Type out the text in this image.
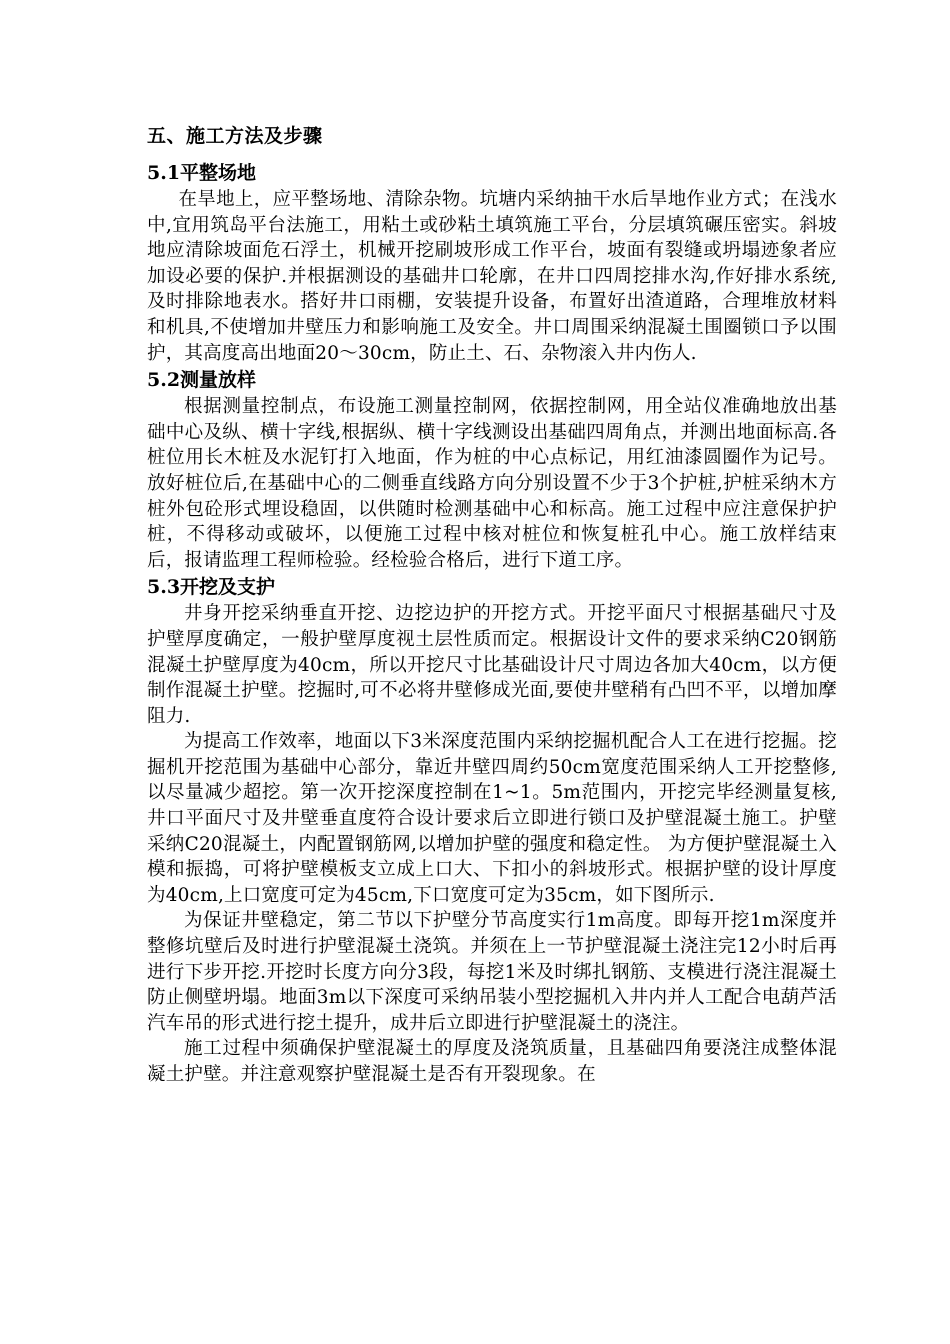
五、施工方法及步骤
5.1平整场地

在旱地上，应平整场地、清除杂物。坑塘内采纳抽干水后旱地作业方式；在浅水中,宜用筑岛平台法施工，用粘土或砂粘土填筑施工平台，分层填筑碾压密实。斜坡地应清除坡面危石浮土，机械开挖刷坡形成工作平台，坡面有裂缝或坍塌迹象者应加设必要的保护.并根据测设的基础井口轮廓，在井口四周挖排水沟,作好排水系统,及时排除地表水。搭好井口雨棚，安装提升设备，布置好出渣道路，合理堆放材料和机具,不使增加井壁压力和影响施工及安全。井口周围采纳混凝土围圈锁口予以围护，其高度高出地面20～30cm，防止土、石、杂物滚入井内伤人.

5.2测量放样

根据测量控制点，布设施工测量控制网，依据控制网，用全站仪准确地放出基础中心及纵、横十字线,根据纵、横十字线测设出基础四周角点，并测出地面标高.各桩位用长木桩及水泥钉打入地面，作为桩的中心点标记，用红油漆圆圈作为记号。放好桩位后,在基础中心的二侧垂直线路方向分别设置不少于3个护桩,护桩采纳木方桩外包砼形式埋设稳固，以供随时检测基础中心和标高。施工过程中应注意保护护桩，不得移动或破坏，以便施工过程中核对桩位和恢复桩孔中心。施工放样结束后，报请监理工程师检验。经检验合格后，进行下道工序。

5.3开挖及支护

井身开挖采纳垂直开挖、边挖边护的开挖方式。开挖平面尺寸根据基础尺寸及护壁厚度确定，一般护壁厚度视土层性质而定。根据设计文件的要求采纳C20钢筋混凝土护壁厚度为40cm，所以开挖尺寸比基础设计尺寸周边各加大40cm，以方便制作混凝土护壁。挖掘时,可不必将井壁修成光面,要使井壁稍有凸凹不平，以增加摩阻力.

为提高工作效率，地面以下3米深度范围内采纳挖掘机配合人工在进行挖掘。挖掘机开挖范围为基础中心部分，靠近井壁四周约50cm宽度范围采纳人工开挖整修,以尽量减少超挖。第一次开挖深度控制在1~1。5m范围内，开挖完毕经测量复核,井口平面尺寸及井壁垂直度符合设计要求后立即进行锁口及护壁混凝土施工。护壁采纳C20混凝土，内配置钢筋网,以增加护壁的强度和稳定性。 为方便护壁混凝土入模和振捣，可将护壁模板支立成上口大、下扣小的斜坡形式。根据护壁的设计厚度为40cm,上口宽度可定为45cm,下口宽度可定为35cm，如下图所示.

为保证井壁稳定，第二节以下护壁分节高度实行1m高度。即每开挖1m深度并整修坑壁后及时进行护壁混凝土浇筑。并须在上一节护壁混凝土浇注完12小时后再进行下步开挖.开挖时长度方向分3段，每挖1米及时绑扎钢筋、支模进行浇注混凝土防止侧壁坍塌。地面3m以下深度可采纳吊装小型挖掘机入井内并人工配合电葫芦活汽车吊的形式进行挖土提升，成井后立即进行护壁混凝土的浇注。

施工过程中须确保护壁混凝土的厚度及浇筑质量，且基础四角要浇注成整体混凝土护壁。并注意观察护壁混凝土是否有开裂现象。在
